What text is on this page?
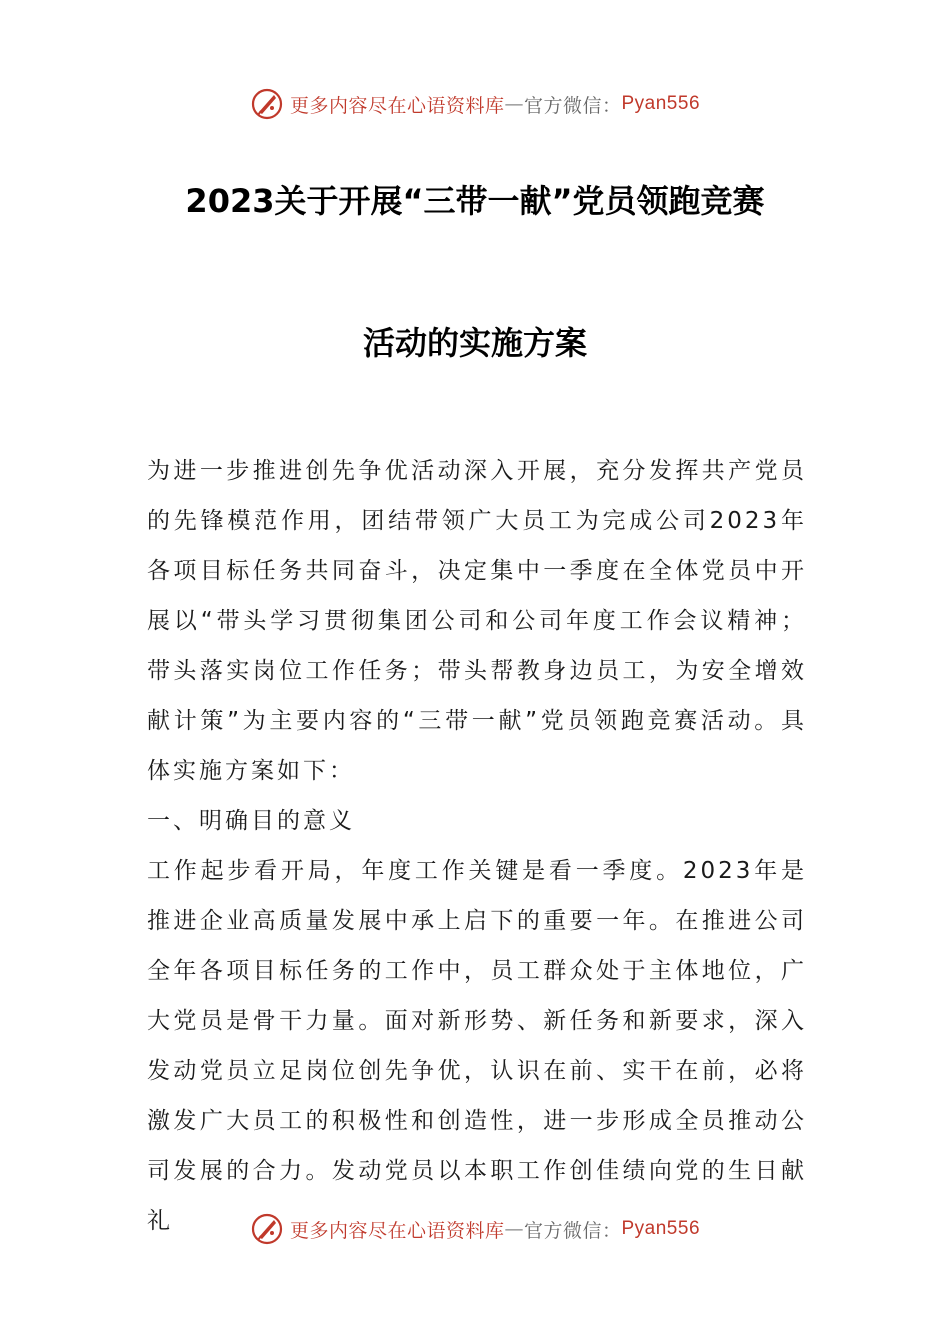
更多内容尽在心语资料库 — 官方微信： Pyan556
2023关于开展“三带一献”党员领跑竞赛
活动的实施方案

为进一步推进创先争优活动深入开展，充分发挥共产党员的先锋模范作用，团结带领广大员工为完成公司2023年各项目标任务共同奋斗，决定集中一季度在全体党员中开展以“带头学习贯彻集团公司和公司年度工作会议精神；带头落实岗位工作任务；带头帮教身边员工，为安全增效献计策”为主要内容的“三带一献”党员领跑竞赛活动。具体实施方案如下：

一、明确目的意义

工作起步看开局，年度工作关键是看一季度。2023年是推进企业高质量发展中承上启下的重要一年。在推进公司全年各项目标任务的工作中，员工群众处于主体地位，广大党员是骨干力量。面对新形势、新任务和新要求，深入发动党员立足岗位创先争优，认识在前、实干在前，必将激发广大员工的积极性和创造性，进一步形成全员推动公司发展的合力。发动党员以本职工作创佳绩向党的生日献礼	更多内容尽在心语资料库 — 官方微信： Pyan556
